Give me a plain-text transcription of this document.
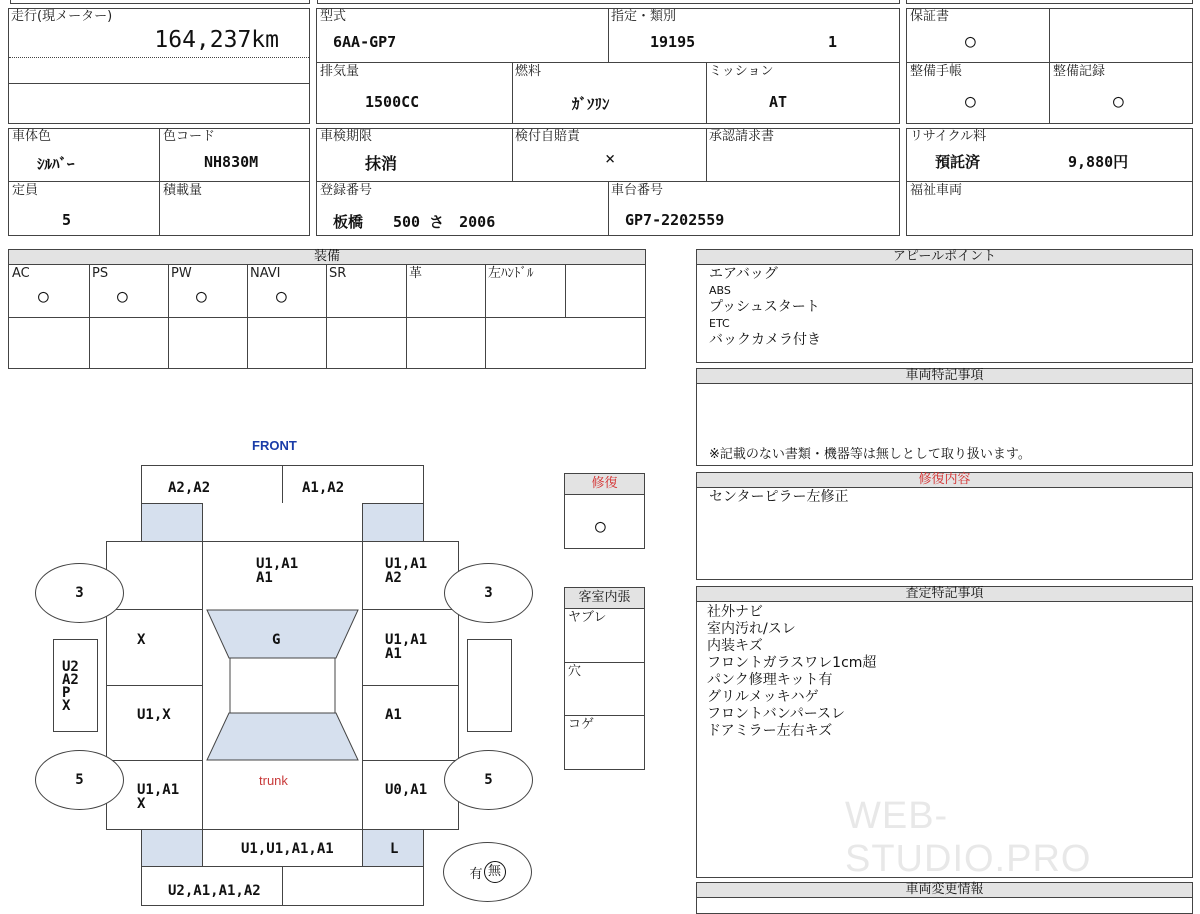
走行(現メーター)
164,237km
型式
6AA-GP7
指定・類別
19195	1
排気量
1500CC
燃料
ｶﾞｿﾘﾝ
ミッション
AT
保証書
○
整備手帳
○
整備記録
○
車体色
ｼﾙﾊﾞｰ
色コード
NH830M
定員
5
積載量
車検期限
抹消
検付自賠責
×
承認請求書
登録番号
板橋　　500 さ　2006
車台番号
GP7-2202559
リサイクル料
預託済	9,880円
福祉車両
装備
AC	PS	PW	NAVI	SR	革	左ﾊﾝﾄﾞﾙ
○	○	○	○
アピールポイント
エアバッグ
ABS
プッシュスタート
ETC
バックカメラ付き
車両特記事項
※記載のない書類・機器等は無しとして取り扱います。
修復内容
センターピラー左修正
査定特記事項
社外ナビ
室内汚れ/スレ
内装キズ
フロントガラスワレ1cm超
パンク修理キット有
グリルメッキハゲ
フロントバンパースレ
ドアミラー左右キズ
WEB-STUDIO.PRO
車両変更情報
修復
○
客室内張
ヤブレ
穴
コゲ
FRONT
A2,A2	A1,A2
U1,A1
A1
U1,A1
A2
X	G	U1,A1
A1
U1,X	A1
U1,A1
X
U0,A1
trunk
U1,U1,A1,A1	L
U2,A1,A1,A2
U2
A2
P
X
3	3
5	5
有 無
